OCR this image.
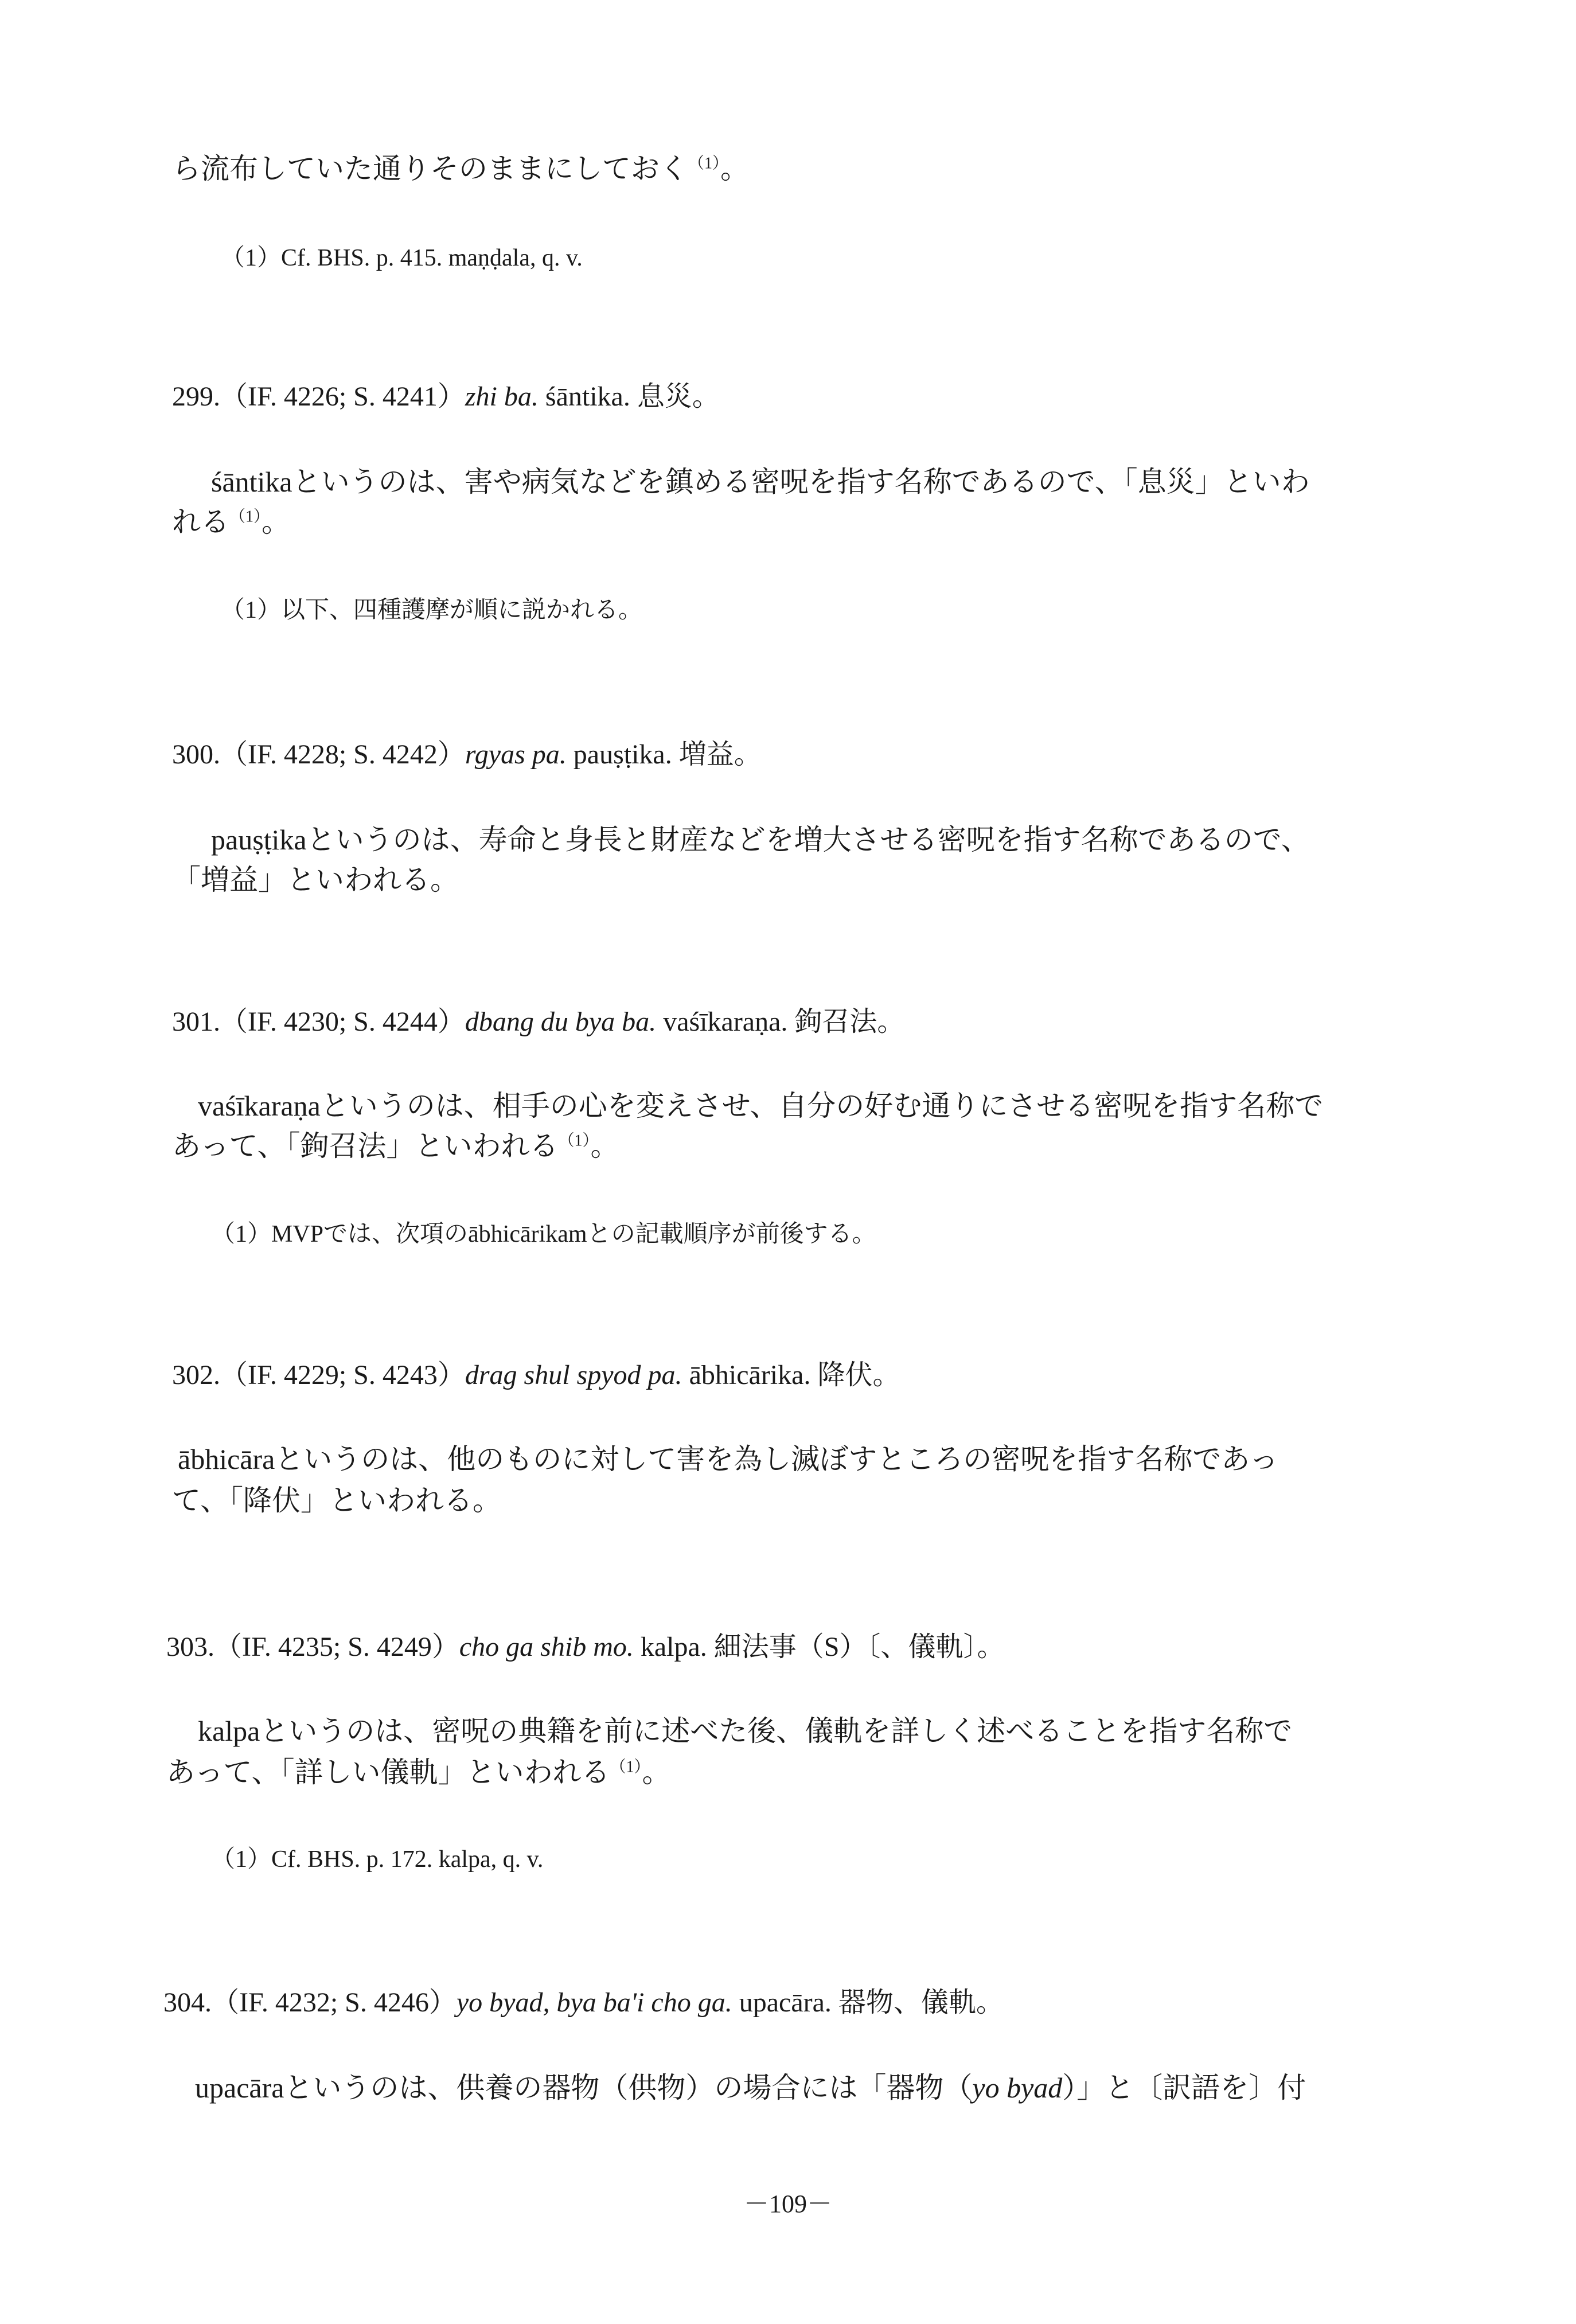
ら流布していた通りそのままにしておく$^{(1)}$。
（1）Cf. BHS. p. 415. maṇḍala, q. v.
299.（IF. 4226; S. 4241）zhi ba. śāntika. 息災。
śāntikaというのは、害や病気などを鎮める密呪を指す名称であるので、「息災」といわ
れる$^{(1)}$。
（1）以下、四種護摩が順に説かれる。
300.（IF. 4228; S. 4242）rgyas pa. pauṣṭika. 増益。
pauṣṭikaというのは、寿命と身長と財産などを増大させる密呪を指す名称であるので、
「増益」といわれる。
301.（IF. 4230; S. 4244）dbang du bya ba. vaśīkaraṇa. 鉤召法。
vaśīkaraṇaというのは、相手の心を変えさせ、自分の好む通りにさせる密呪を指す名称で
あって、「鉤召法」といわれる$^{(1)}$。
（1）MVPでは、次項のābhicārikamとの記載順序が前後する。
302.（IF. 4229; S. 4243）drag shul spyod pa. ābhicārika. 降伏。
ābhicāraというのは、他のものに対して害を為し滅ぼすところの密呪を指す名称であっ
て、「降伏」といわれる。
303.（IF. 4235; S. 4249）cho ga shib mo. kalpa. 細法事（S）〔、儀軌〕。
kalpaというのは、密呪の典籍を前に述べた後、儀軌を詳しく述べることを指す名称で
あって、「詳しい儀軌」といわれる$^{(1)}$。
（1）Cf. BHS. p. 172. kalpa, q. v.
304.（IF. 4232; S. 4246）yo byad, bya ba'i cho ga. upacāra. 器物、儀軌。
upacāraというのは、供養の器物（供物）の場合には「器物（yo byad）」と〔訳語を〕付
－109－
